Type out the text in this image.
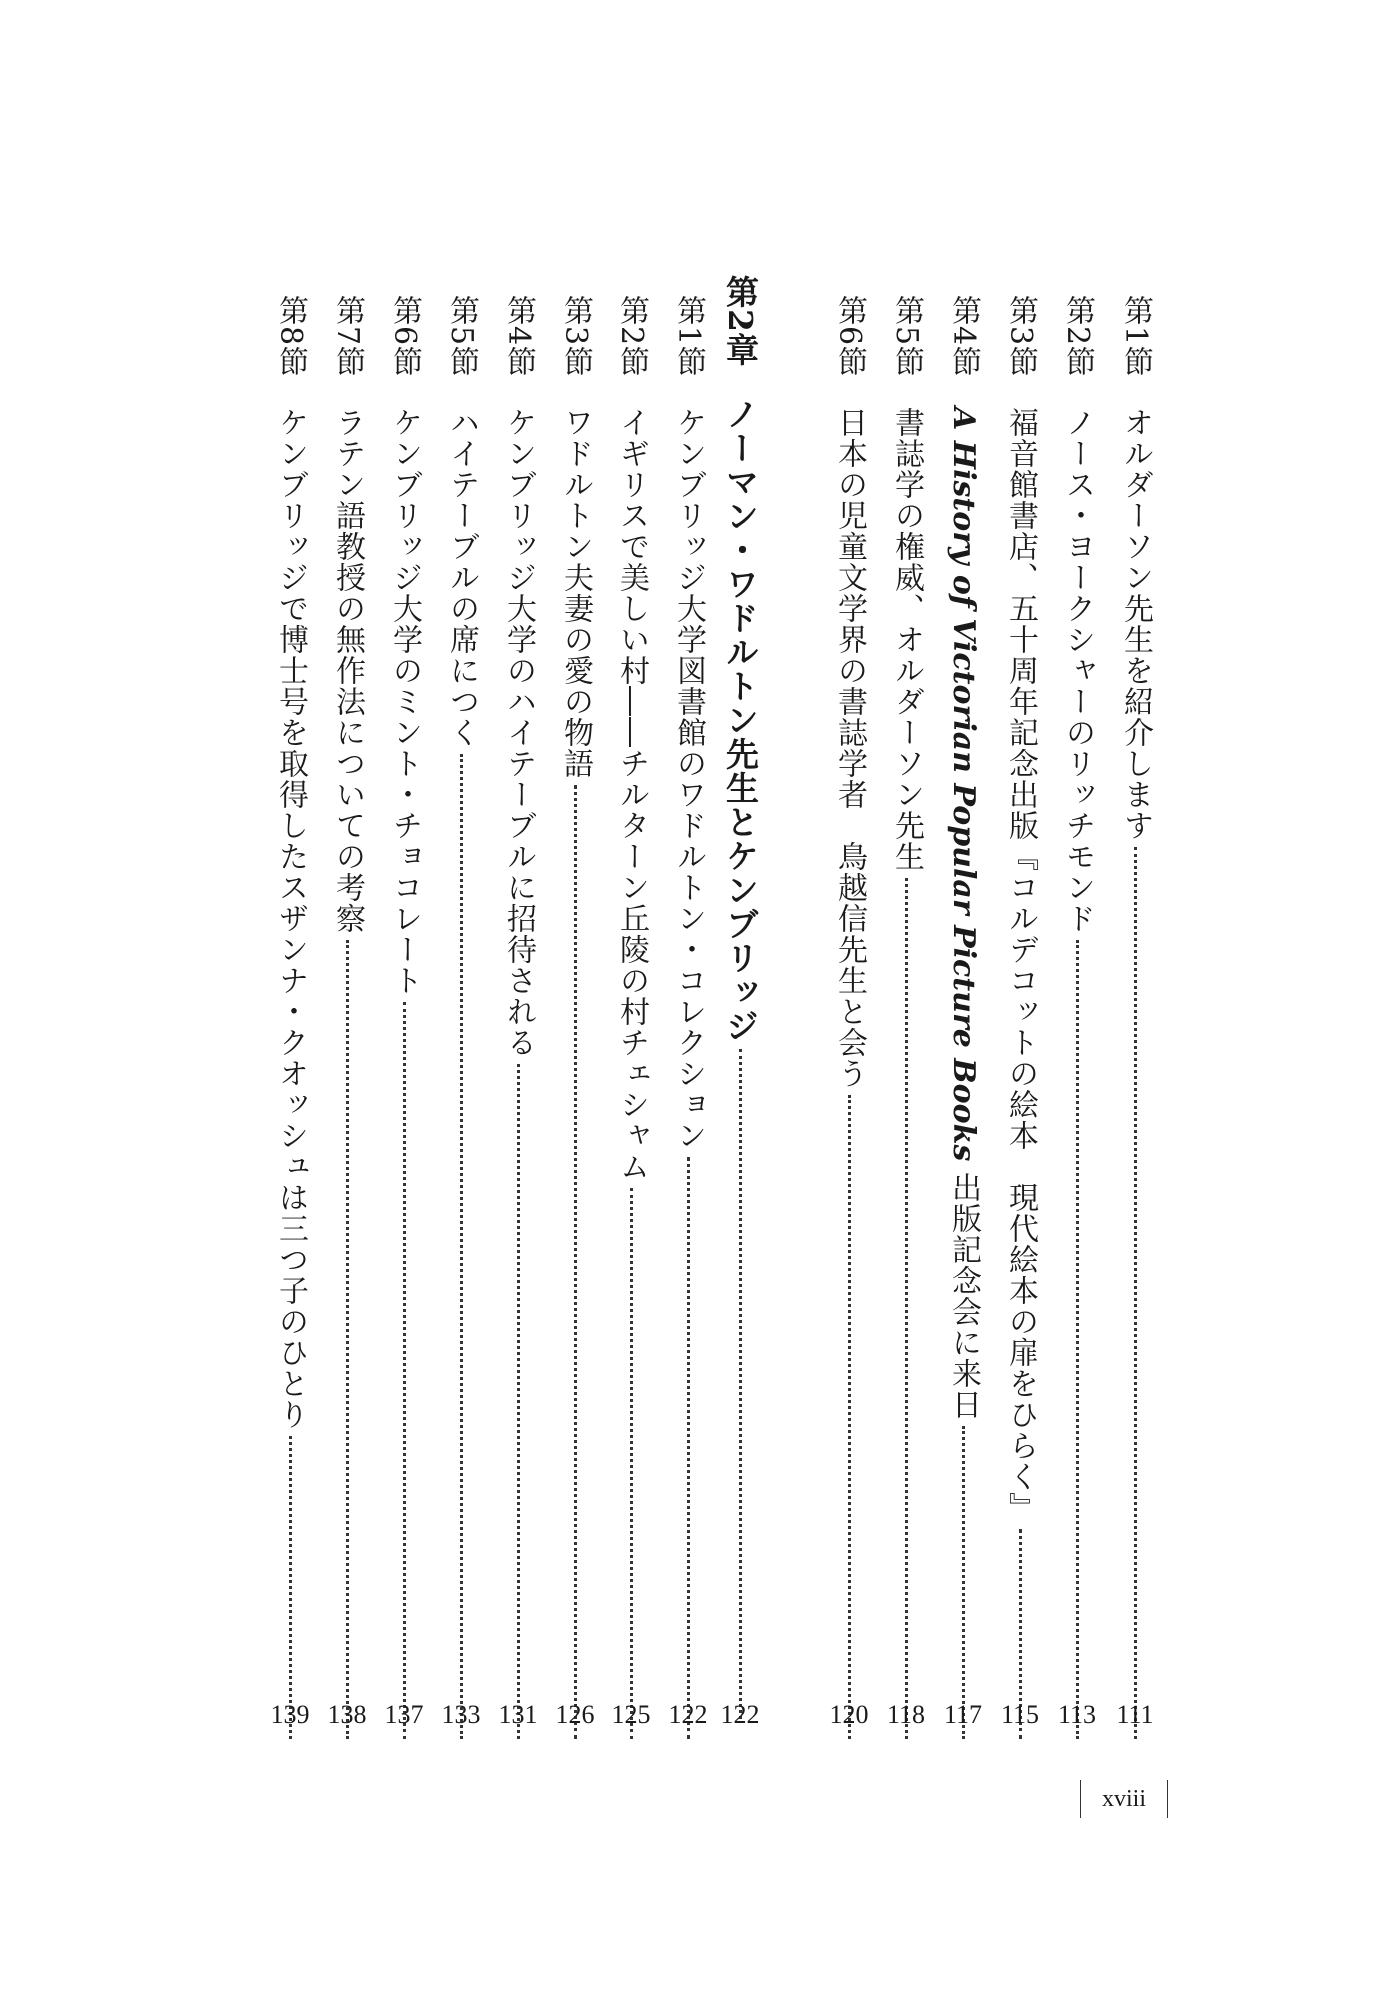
第1節
オルダーソン先生を紹介します
111
第2節
ノース・ヨークシャーのリッチモンド
113
第3節
福音館書店、五十周年記念出版『コルデコットの絵本　現代絵本の扉をひらく』
115
第4節
A History of Victorian Popular Picture Books 出版記念会に来日
117
第5節
書誌学の権威、オルダーソン先生
118
第6節
日本の児童文学界の書誌学者　鳥越信先生と会う
120
第2章
ノーマン・ワドルトン先生とケンブリッジ
122
第1節
ケンブリッジ大学図書館のワドルトン・コレクション
122
第2節
イギリスで美しい村――チルターン丘陵の村チェシャム
125
第3節
ワドルトン夫妻の愛の物語
126
第4節
ケンブリッジ大学のハイテーブルに招待される
131
第5節
ハイテーブルの席につく
133
第6節
ケンブリッジ大学のミント・チョコレート
137
第7節
ラテン語教授の無作法についての考察
138
第8節
ケンブリッジで博士号を取得したスザンナ・クオッシュは三つ子のひとり
139
xviii
